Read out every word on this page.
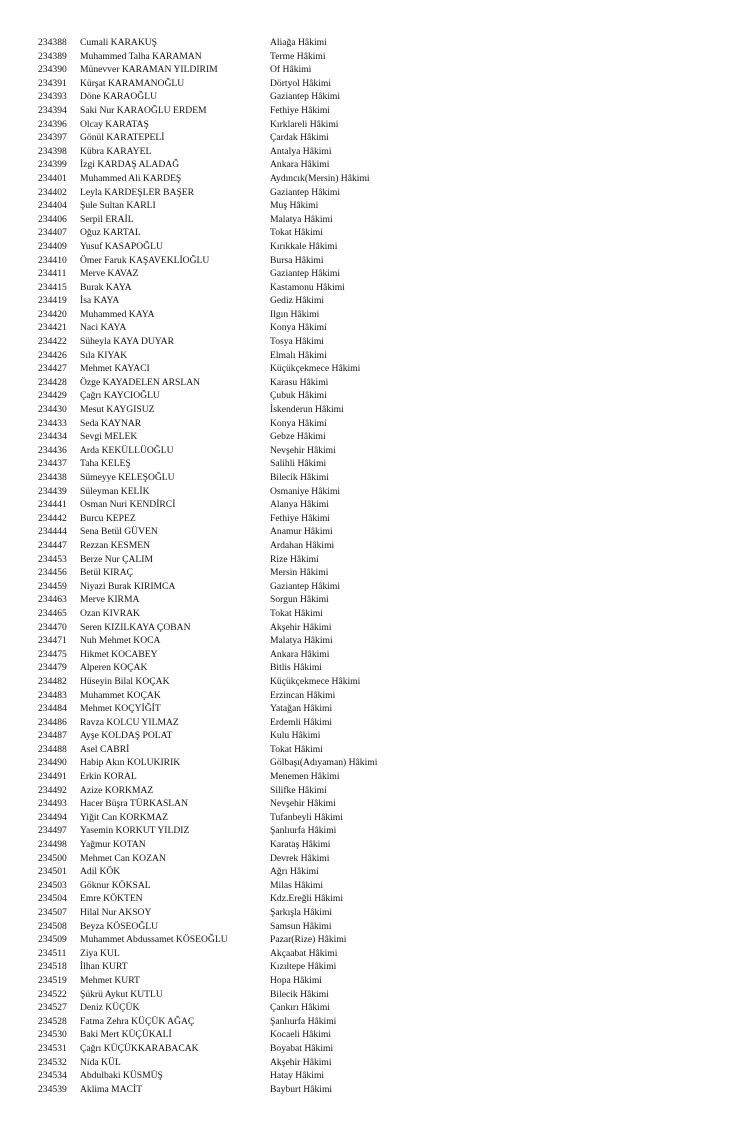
234388	Cumali KARAKUŞ	Aliağa Hâkimi
234389	Muhammed Talha KARAMAN	Terme Hâkimi
234390	Münevver KARAMAN YILDIRIM	Of Hâkimi
234391	Kürşat KARAMANOĞLU	Dörtyol Hâkimi
234393	Döne KARAOĞLU	Gaziantep Hâkimi
234394	Saki Nur KARAOĞLU ERDEM	Fethiye Hâkimi
234396	Olcay KARATAŞ	Kırklareli Hâkimi
234397	Gönül KARATEPELİ	Çardak Hâkimi
234398	Kübra KARAYEL	Antalya Hâkimi
234399	İzgi KARDAŞ ALADAĞ	Ankara Hâkimi
234401	Muhammed Ali KARDEŞ	Aydıncık(Mersin) Hâkimi
234402	Leyla KARDEŞLER BAŞER	Gaziantep Hâkimi
234404	Şule Sultan KARLI	Muş Hâkimi
234406	Serpil ERAİL	Malatya Hâkimi
234407	Oğuz KARTAL	Tokat Hâkimi
234409	Yusuf KASAPOĞLU	Kırıkkale Hâkimi
234410	Ömer Faruk KAŞAVEKLİOĞLU	Bursa Hâkimi
234411	Merve KAVAZ	Gaziantep Hâkimi
234415	Burak KAYA	Kastamonu Hâkimi
234419	İsa KAYA	Gediz Hâkimi
234420	Muhammed KAYA	Ilgın Hâkimi
234421	Naci KAYA	Konya Hâkimi
234422	Süheyla KAYA DUYAR	Tosya Hâkimi
234426	Sıla KIYAK	Elmalı Hâkimi
234427	Mehmet KAYACI	Küçükçekmece Hâkimi
234428	Özge KAYADELEN ARSLAN	Karasu Hâkimi
234429	Çağrı KAYCIOĞLU	Çubuk Hâkimi
234430	Mesut KAYGISUZ	İskenderun Hâkimi
234433	Seda KAYNAR	Konya Hâkimi
234434	Sevgi MELEK	Gebze Hâkimi
234436	Arda KEKÜLLÜOĞLU	Nevşehir Hâkimi
234437	Taha KELEŞ	Salihli Hâkimi
234438	Sümeyye KELEŞOĞLU	Bilecik Hâkimi
234439	Süleyman KELİK	Osmaniye Hâkimi
234441	Osman Nuri KENDİRCİ	Alanya Hâkimi
234442	Burcu KEPEZ	Fethiye Hâkimi
234444	Sena Betül GÜVEN	Anamur Hâkimi
234447	Rezzan KESMEN	Ardahan Hâkimi
234453	Berze Nur ÇALIM	Rize Hâkimi
234456	Betül KIRAÇ	Mersin Hâkimi
234459	Niyazi Burak KIRIMCA	Gaziantep Hâkimi
234463	Merve KIRMA	Sorgun Hâkimi
234465	Ozan KIVRAK	Tokat Hâkimi
234470	Seren KIZILKAYA ÇOBAN	Akşehir Hâkimi
234471	Nuh Mehmet KOCA	Malatya Hâkimi
234475	Hikmet KOCABEY	Ankara Hâkimi
234479	Alperen KOÇAK	Bitlis Hâkimi
234482	Hüseyin Bilal KOÇAK	Küçükçekmece Hâkimi
234483	Muhammet KOÇAK	Erzincan Hâkimi
234484	Mehmet KOÇYİĞİT	Yatağan Hâkimi
234486	Ravza KOLCU YILMAZ	Erdemli Hâkimi
234487	Ayşe KOLDAŞ POLAT	Kulu Hâkimi
234488	Asel CABRİ	Tokat Hâkimi
234490	Habip Akın KOLUKIRIK	Gölbaşı(Adıyaman) Hâkimi
234491	Erkin KORAL	Menemen Hâkimi
234492	Azize KORKMAZ	Silifke Hâkimi
234493	Hacer Büşra TÜRKASLAN	Nevşehir Hâkimi
234494	Yiğit Can KORKMAZ	Tufanbeyli Hâkimi
234497	Yasemin KORKUT YILDIZ	Şanlıurfa Hâkimi
234498	Yağmur KOTAN	Karataş Hâkimi
234500	Mehmet Can KOZAN	Devrek Hâkimi
234501	Adil KÖK	Ağrı Hâkimi
234503	Göknur KÖKSAL	Milas Hâkimi
234504	Emre KÖKTEN	Kdz.Ereğli Hâkimi
234507	Hilal Nur AKSOY	Şarkışla Hâkimi
234508	Beyza KÖSEOĞLU	Samsun Hâkimi
234509	Muhammet Abdussamet KÖSEOĞLU	Pazar(Rize) Hâkimi
234511	Ziya KUL	Akçaabat Hâkimi
234518	İlhan KURT	Kızıltepe Hâkimi
234519	Mehmet KURT	Hopa Hâkimi
234522	Şükrü Aykut KUTLU	Bilecik Hâkimi
234527	Deniz KÜÇÜK	Çankırı Hâkimi
234528	Fatma Zehra KÜÇÜK AĞAÇ	Şanlıurfa Hâkimi
234530	Baki Mert KÜÇÜKALİ	Kocaeli Hâkimi
234531	Çağrı KÜÇÜKKARABACAK	Boyabat Hâkimi
234532	Nida KÜL	Akşehir Hâkimi
234534	Abdulbaki KÜSMÜŞ	Hatay Hâkimi
234539	Aklima MACİT	Bayburt Hâkimi
